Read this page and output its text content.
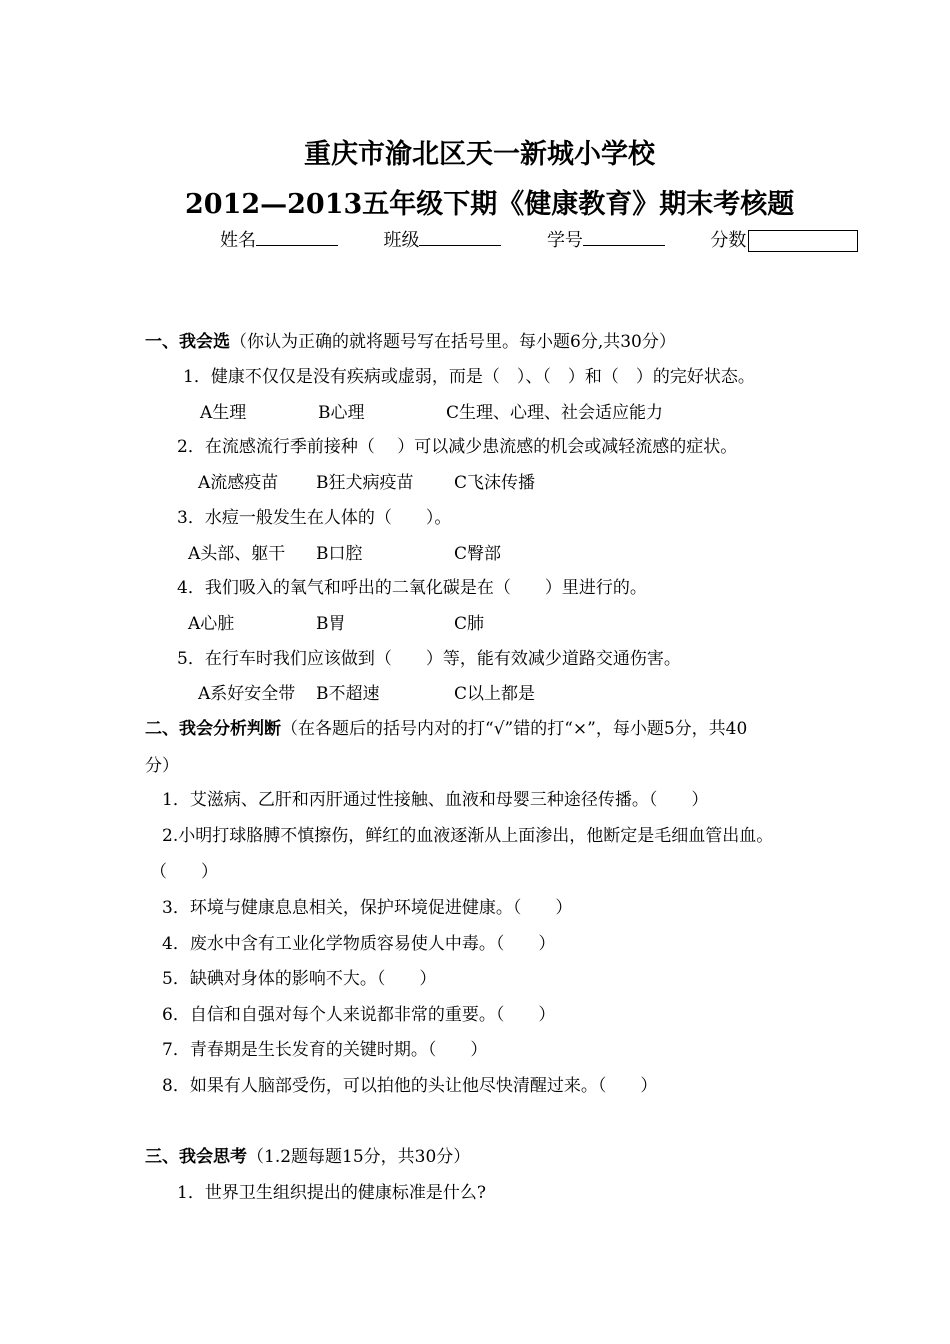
重庆市渝北区天一新城小学校
2012—2013五年级下期《健康教育》期末考核题
姓名	班级	学号	分数
一、我会选（你认为正确的就将题号写在括号里。每小题6分,共30分）
1．健康不仅仅是没有疾病或虚弱，而是（　）、（　）和（　）的完好状态。
A生理	B心理	C生理、心理、社会适应能力
2．在流感流行季前接种（　 ）可以减少患流感的机会或减轻流感的症状。
A流感疫苗 B狂犬病疫苗 C飞沫传播
3．水痘一般发生在人体的（　　）。
A头部、躯干 B口腔	C臀部
4．我们吸入的氧气和呼出的二氧化碳是在（　　）里进行的。
A心脏	B胃	C肺
5．在行车时我们应该做到（　　）等，能有效减少道路交通伤害。
A系好安全带 B不超速	C以上都是
二、我会分析判断（在各题后的括号内对的打“√”错的打“×”，每小题5分，共40
分）
1．艾滋病、乙肝和丙肝通过性接触、血液和母婴三种途径传播。（　　）
2.小明打球胳膊不慎擦伤，鲜红的血液逐渐从上面渗出，他断定是毛细血管出血。
（　　）
3．环境与健康息息相关，保护环境促进健康。（　　）
4．废水中含有工业化学物质容易使人中毒。（　　）
5．缺碘对身体的影响不大。（　　）
6．自信和自强对每个人来说都非常的重要。（　　）
7．青春期是生长发育的关键时期。（　　）
8．如果有人脑部受伤，可以拍他的头让他尽快清醒过来。（　　）
三、我会思考（1.2题每题15分，共30分）
1．世界卫生组织提出的健康标准是什么?
